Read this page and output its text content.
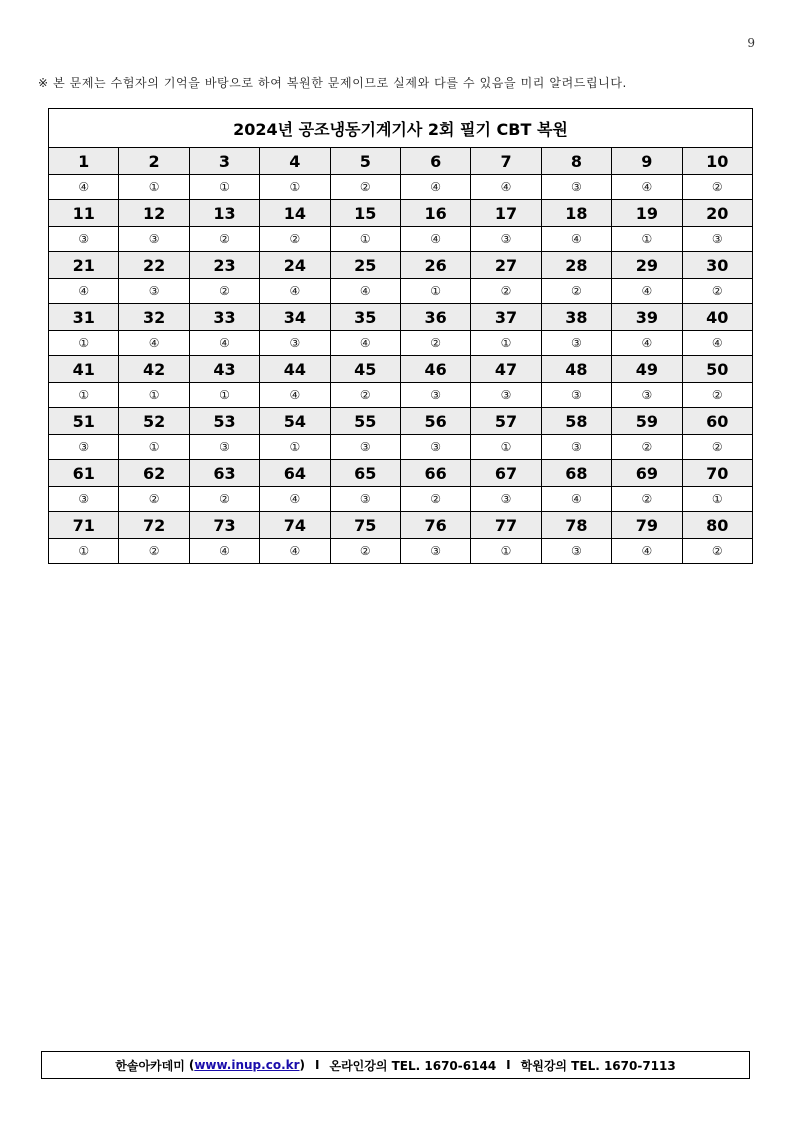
9
※ 본 문제는 수험자의 기억을 바탕으로 하여 복원한 문제이므로 실제와 다를 수 있음을 미리 알려드립니다.
2024년 공조냉동기계기사 2회 필기 CBT 복원									
1	2	3	4	5	6	7	8	9	10
④	①	①	①	②	④	④	③	④	②
11	12	13	14	15	16	17	18	19	20
③	③	②	②	①	④	③	④	①	③
21	22	23	24	25	26	27	28	29	30
④	③	②	④	④	①	②	②	④	②
31	32	33	34	35	36	37	38	39	40
①	④	④	③	④	②	①	③	④	④
41	42	43	44	45	46	47	48	49	50
①	①	①	④	②	③	③	③	③	②
51	52	53	54	55	56	57	58	59	60
③	①	③	①	③	③	①	③	②	②
61	62	63	64	65	66	67	68	69	70
③	②	②	④	③	②	③	④	②	①
71	72	73	74	75	76	77	78	79	80
①	②	④	④	②	③	①	③	④	②
한솔아카데미 ( www.inup.co.kr ) I 온라인강의 TEL. 1670-6144 I 학원강의 TEL. 1670-7113
